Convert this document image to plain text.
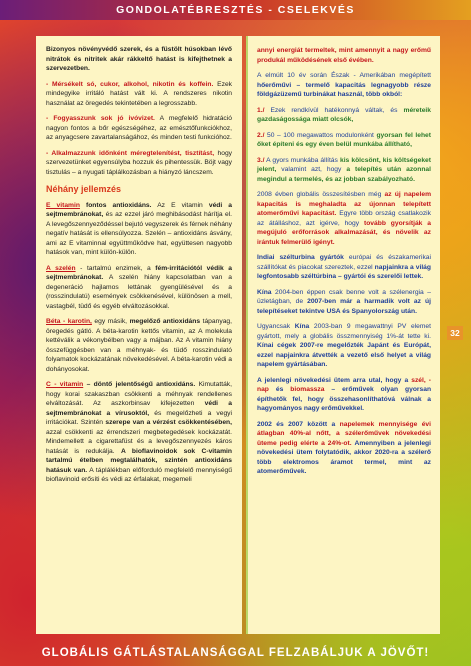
GONDOLATÉBRESZTÉS - CSELEKVÉS

Bizonyos növényvédő szerek, és a füstölt húsokban lévő nitrátok és nitritek akár rákkeltő hatást is kifejthetnek a szervezetben.

- Mérsékelt só, cukor, alkohol, nikotin és koffein. Ezek mindegyike irritáló hatást vált ki. A rendszeres nikotin használat az öregedés tekintetében a legrosszabb.

- Fogyasszunk sok jó ivóvizet. A megfelelő hidratáció nagyon fontos a bőr egészségéhez, az emésztőfunkciókhoz, az anyagcsere zavartalanságához, és minden testi funkcióhoz.

- Alkalmazzunk időnként méregtelenítést, tisztítást, hogy szervezetünket egyensúlyba hozzuk és pihentessük. Böjt vagy tisztulás – a nyugati táplálkozásban a hiányzó láncszem.

Néhány jellemzés

E vitamin fontos antioxidáns. Az E vitamin védi a sejtmembránokat, és az ezzel járó meghibásodást hárítja el. A levegőszennyeződéssel bejutó vegyszerek és férnek néhány negatív hatását is ellensúlyozza. Szelén – antioxidáns ásvány, ami az E vitaminnal együttműködve hat, együttesen nagyobb hatások van, mint külön-külön.

A szelén - tartalmú enzimek, a fém-irritációtól védik a sejtmembránokat. A szelén hiány kapcsolatban van a degeneráció hajlamos lettának gyengülésével és a (rosszindulatú) események csökkenésével, különösen a mell, vastagbél, tüdő és egyéb elváltozásokkal.

Béta - karotin, egy másik, megelőző antioxidáns tápanyag, öregedés gátló. A béta-karotin kettős vitamin, az A molekula kettéválik a vékonybélben vagy a májban. Az A vitamin hiány összefüggésben van a méhnyak- és tüdő rosszindulató folyamatok kockázatának növekedésével. A béta-karotin védi a dohányosokat.

C - vitamin – döntő jelentőségű antioxidáns. Kimutatták, hogy korai szakaszban csökkenti a méhnyak rendellenes elváltozását. Az aszkorbinsav kifejezetten védi a sejtmembránokat a vírusoktól, és megelőzheti a vegyi irritációkat. Szintén szerepe van a vérzést csökkentésében, azzal csökkenti az érrendszeri megbetegedések kockázatát. Mindemellett a cigarettafüst és a levegőszennyezés káros hatását is redukálja. A bioflavinoidok sok C-vitamin tartalmú ételben megtalálhatók, szintén antioxidáns hatásuk van. A táplálékban előforduló megfelelő mennyiségű bioflavinoid erősíti és védi az érfalakat, megemeli

annyi energiát termeltek, mint amennyit a nagy erőmű produkál működésének első évében.

A elmúlt 10 év során Észak - Amerikában megépített hőerőművi – termelő kapacitás legnagyobb része földgázüzemű turbinákat használ, több okból:

1./ Ezek rendkívül hatékonnyá váltak, és méreteik gazdaságossága miatt olcsók,

2./ 50 – 100 megawattos modulonként gyorsan fel lehet őket építeni és egy éven belül munkába állítható,

3./ A gyors munkába állítás kis kölcsönt, kis költségeket jelent, valamint azt, hogy a telepítés után azonnal megindul a termelés, és az jobban szabályozható.

2008 évben globális összesítésben még az új napelem kapacitás is meghaladta az újonnan telepített atomerőművi kapacitást. Egyre több ország csatlakozik az átálláshoz, azt igérve, hogy tovább gyorsítják a megújuló erőforrások alkalmazását, és növelik az irántuk felmerülő igényt.

Indiai szélturbina gyártók európai és északamerikai szállítókat és piacokat szereztek, ezzel napjainkra a világ legfontosabb széltúrbina – gyártói és szerelői lettek.

Kína 2004-ben éppen csak benne volt a szélenergia – üzletágban, de 2007-ben már a harmadik volt az új telepítéseket tekintve USA és Spanyolország után.

Ugyancsak Kína 2003-ban 9 megawattnyi PV elemet gyártott, mely a globális összmennyiség 1%-át tette ki. Kínai cégek 2007-re megelőzték Japánt és Európát, ezzel napjainkra átvették a vezető első helyet a világ napelem gyártásában.

A jelenlegi növekedési ütem arra utal, hogy a szél, - nap és biomassza – erőművek olyan gyorsan építhetők fel, hogy összehasonlíthatóvá válnak a hagyományos nagy erőművekkel.

2002 és 2007 között a napelemek mennyisége évi átlagban 40%-al nőtt, a szélerőművek növekedési üteme pedig elérte a 24%-ot. Amennyiben a jelenlegi növekedési ütem folytatódik, akkor 2020-ra a szélerő több elektromos áramot termel, mint az atomerőművek.

32
GLOBÁLIS GÁTLÁSTALANSÁGGAL FELZABÁLJUK A JÖVŐT!
